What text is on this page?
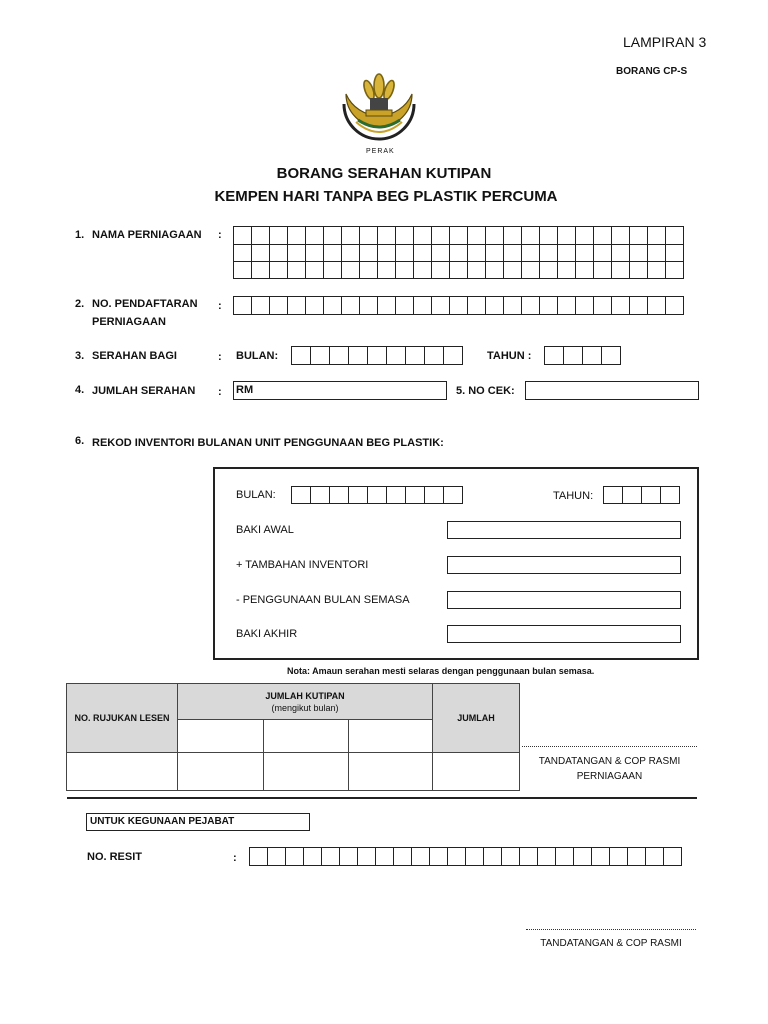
LAMPIRAN 3
BORANG CP-S
PERAK
BORANG SERAHAN KUTIPAN
KEMPEN HARI TANPA BEG PLASTIK PERCUMA
1. NAMA PERNIAGAAN :
2. NO. PENDAFTARAN
PERNIAGAAN
:
3. SERAHAN BAGI	: BULAN:	TAHUN :
4. JUMLAH SERAHAN : RM	5. NO CEK:
6. REKOD INVENTORI BULANAN UNIT PENGGUNAAN BEG PLASTIK:
BULAN:	TAHUN:
BAKI AWAL
+ TAMBAHAN INVENTORI
- PENGGUNAAN BULAN SEMASA
BAKI AKHIR
Nota: Amaun serahan mesti selaras dengan penggunaan bulan semasa.
NO. RUJUKAN LESEN	JUMLAH KUTIPAN
(mengikut bulan)			JUMLAH

TANDATANGAN & COP RASMI
PERNIAGAAN
UNTUK KEGUNAAN PEJABAT
NO. RESIT	:
TANDATANGAN & COP RASMI
